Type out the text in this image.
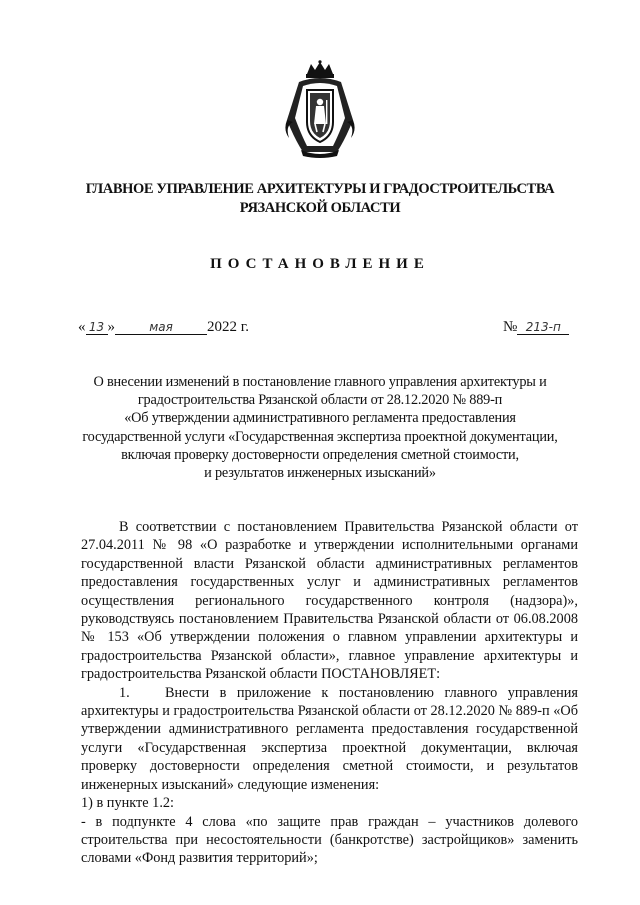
ГЛАВНОЕ УПРАВЛЕНИЕ АРХИТЕКТУРЫ И ГРАДОСТРОИТЕЛЬСТВА
РЯЗАНСКОЙ ОБЛАСТИ
ПОСТАНОВЛЕНИЕ
« 13 »	мая 2022 г.	№ 213-п
О внесении изменений в постановление главного управления архитектуры и
градостроительства Рязанской области от 28.12.2020 № 889-п
«Об утверждении административного регламента предоставления
государственной услуги «Государственная экспертиза проектной документации,
включая проверку достоверности определения сметной стоимости,
и результатов инженерных изысканий»

В соответствии с постановлением Правительства Рязанской области от 27.04.2011 № 98 «О разработке и утверждении исполнительными органами государственной власти Рязанской области административных регламентов предоставления государственных услуг и административных регламентов осуществления регионального государственного контроля (надзора)», руководствуясь постановлением Правительства Рязанской области от 06.08.2008 № 153 «Об утверждении положения о главном управлении архитектуры и градостроительства Рязанской области», главное управление архитектуры и градостроительства Рязанской области ПОСТАНОВЛЯЕТ:

1. Внести в приложение к постановлению главного управления архитектуры и градостроительства Рязанской области от 28.12.2020 № 889-п «Об утверждении административного регламента предоставления государственной услуги «Государственная экспертиза проектной документации, включая проверку достоверности определения сметной стоимости, и результатов инженерных изысканий» следующие изменения:

1) в пункте 1.2:

- в подпункте 4 слова «по защите прав граждан – участников долевого строительства при несостоятельности (банкротстве) застройщиков» заменить словами «Фонд развития территорий»;
